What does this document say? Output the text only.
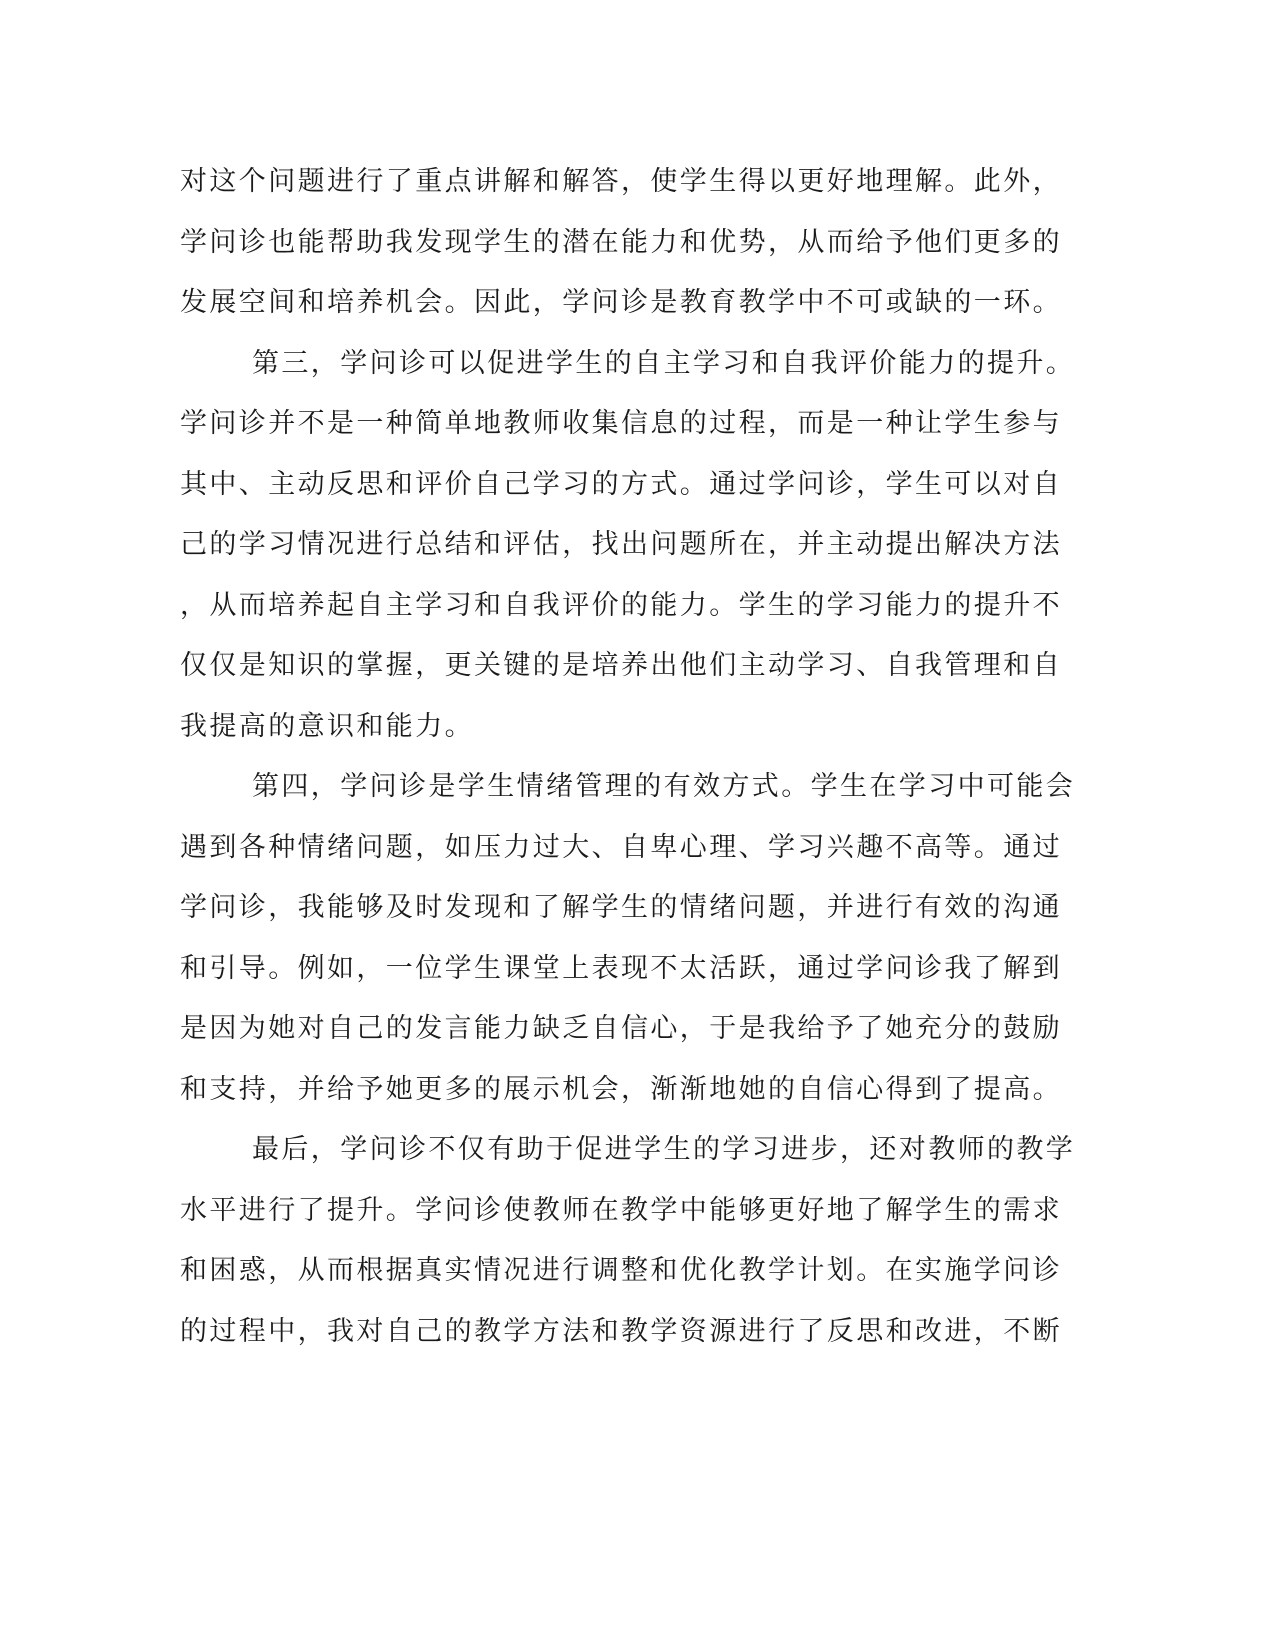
对这个问题进行了重点讲解和解答，使学生得以更好地理解。此外，
学问诊也能帮助我发现学生的潜在能力和优势，从而给予他们更多的
发展空间和培养机会。因此，学问诊是教育教学中不可或缺的一环。
第三，学问诊可以促进学生的自主学习和自我评价能力的提升。
学问诊并不是一种简单地教师收集信息的过程，而是一种让学生参与
其中、主动反思和评价自己学习的方式。通过学问诊，学生可以对自
己的学习情况进行总结和评估，找出问题所在，并主动提出解决方法
，从而培养起自主学习和自我评价的能力。学生的学习能力的提升不
仅仅是知识的掌握，更关键的是培养出他们主动学习、自我管理和自
我提高的意识和能力。
第四，学问诊是学生情绪管理的有效方式。学生在学习中可能会
遇到各种情绪问题，如压力过大、自卑心理、学习兴趣不高等。通过
学问诊，我能够及时发现和了解学生的情绪问题，并进行有效的沟通
和引导。例如，一位学生课堂上表现不太活跃，通过学问诊我了解到
是因为她对自己的发言能力缺乏自信心，于是我给予了她充分的鼓励
和支持，并给予她更多的展示机会，渐渐地她的自信心得到了提高。
最后，学问诊不仅有助于促进学生的学习进步，还对教师的教学
水平进行了提升。学问诊使教师在教学中能够更好地了解学生的需求
和困惑，从而根据真实情况进行调整和优化教学计划。在实施学问诊
的过程中，我对自己的教学方法和教学资源进行了反思和改进，不断
